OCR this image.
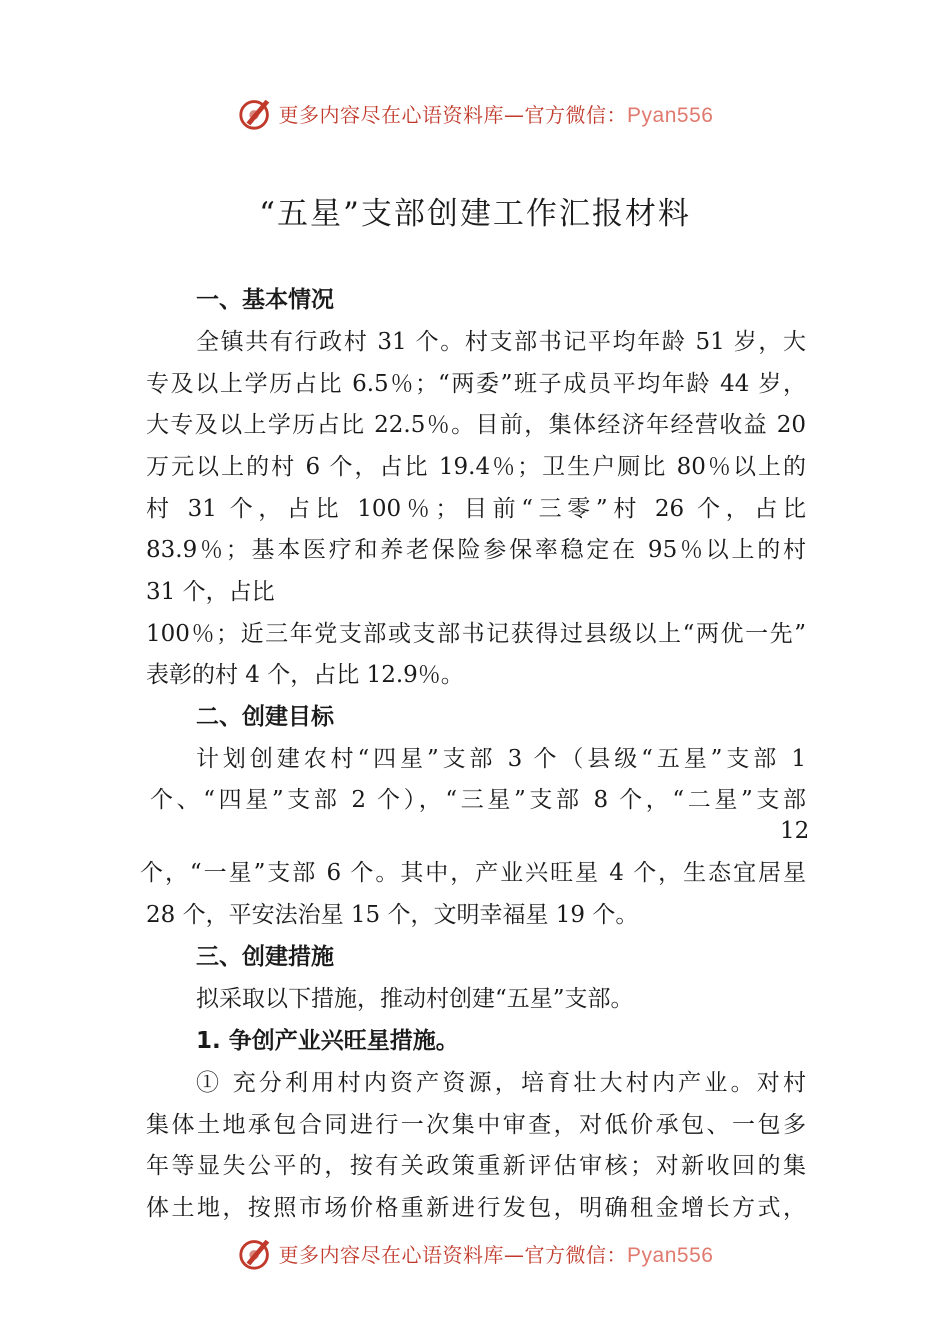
更多内容尽在心语资料库—官方微信：Pyan556
“五星”支部创建工作汇报材料
一、基本情况
全镇共有行政村 31 个。村支部书记平均年龄 51 岁，大
专及以上学历占比 6.5％；“两委”班子成员平均年龄 44 岁，
大专及以上学历占比 22.5％。目前，集体经济年经营收益 20
万元以上的村 6 个，占比 19.4％；卫生户厕比 80％以上的
村 31 个，占比 100％；目前“三零”村 26 个，占比
83.9％；基本医疗和养老保险参保率稳定在 95％以上的村
31 个，占比
100％；近三年党支部或支部书记获得过县级以上“两优一先”
表彰的村 4 个，占比 12.9％。
二、创建目标
计划创建农村“四星”支部 3 个（县级“五星”支部 1
个、“四星”支部 2 个），“三星”支部 8 个，“二星”支部
12
个，“一星”支部 6 个。其中，产业兴旺星 4 个，生态宜居星
28 个，平安法治星 15 个，文明幸福星 19 个。
三、创建措施
拟采取以下措施，推动村创建“五星”支部。
1. 争创产业兴旺星措施。
① 充分利用村内资产资源，培育壮大村内产业。对村
集体土地承包合同进行一次集中审查，对低价承包、一包多
年等显失公平的，按有关政策重新评估审核；对新收回的集
体土地，按照市场价格重新进行发包，明确租金增长方式，
更多内容尽在心语资料库—官方微信：Pyan556
